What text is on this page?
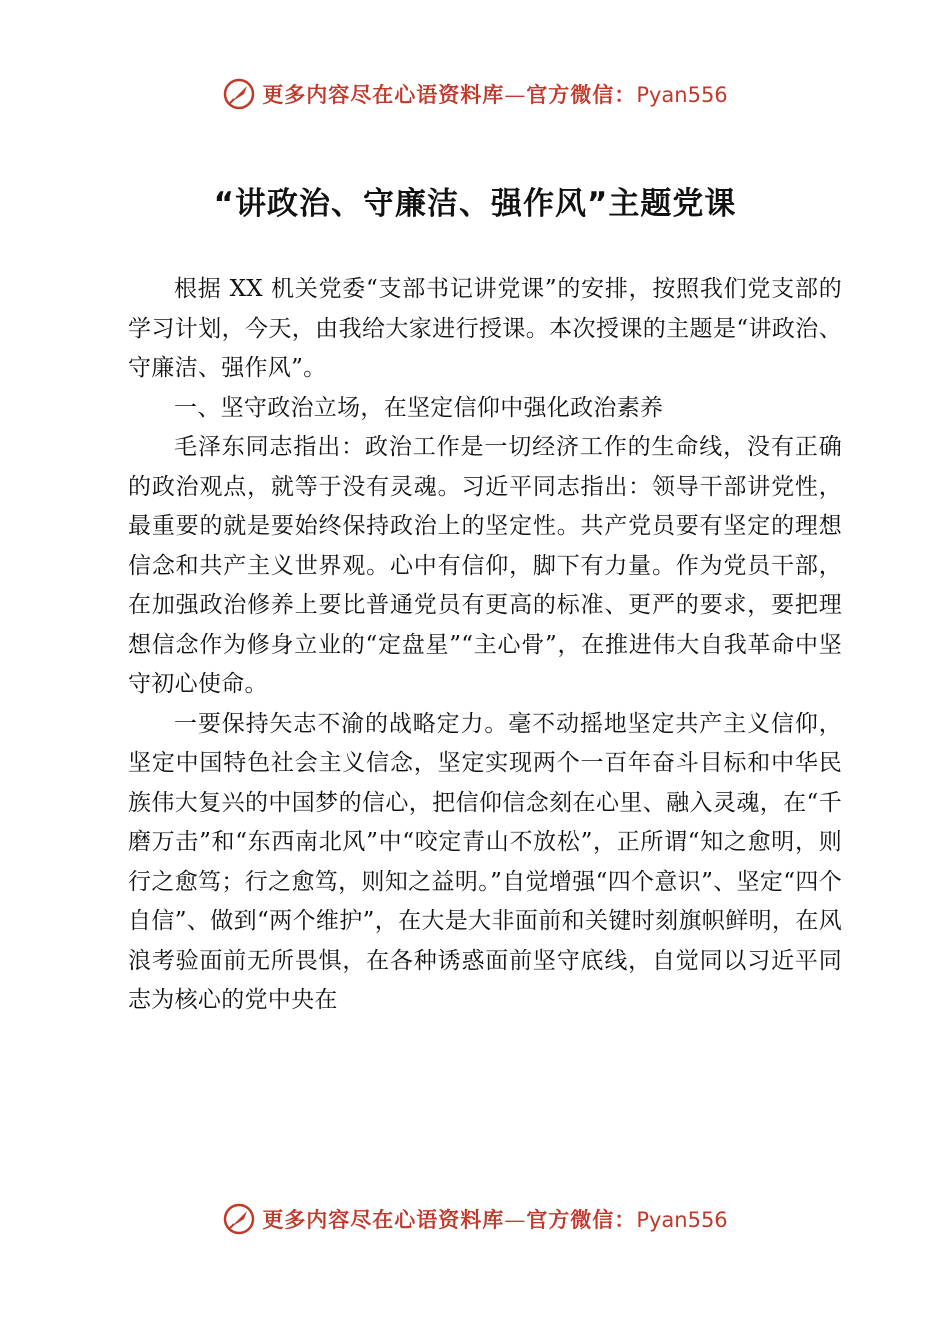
更多内容尽在心语资料库—官方微信：Pyan556
“讲政治、守廉洁、强作风”主题党课

根据 XX 机关党委“支部书记讲党课”的安排，按照我们党支部的学习计划，今天，由我给大家进行授课。本次授课的主题是“讲政治、守廉洁、强作风”。

一、坚守政治立场，在坚定信仰中强化政治素养

毛泽东同志指出：政治工作是一切经济工作的生命线，没有正确的政治观点，就等于没有灵魂。习近平同志指出：领导干部讲党性，最重要的就是要始终保持政治上的坚定性。共产党员要有坚定的理想信念和共产主义世界观。心中有信仰，脚下有力量。作为党员干部，在加强政治修养上要比普通党员有更高的标准、更严的要求，要把理想信念作为修身立业的“定盘星”“主心骨”，在推进伟大自我革命中坚守初心使命。

一要保持矢志不渝的战略定力。毫不动摇地坚定共产主义信仰，坚定中国特色社会主义信念，坚定实现两个一百年奋斗目标和中华民族伟大复兴的中国梦的信心，把信仰信念刻在心里、融入灵魂，在“千磨万击”和“东西南北风”中“咬定青山不放松”，正所谓“知之愈明，则行之愈笃；行之愈笃，则知之益明。”自觉增强“四个意识”、坚定“四个自信”、做到“两个维护”，在大是大非面前和关键时刻旗帜鲜明，在风浪考验面前无所畏惧，在各种诱惑面前坚守底线，自觉同以习近平同志为核心的党中央在

更多内容尽在心语资料库—官方微信：Pyan556
